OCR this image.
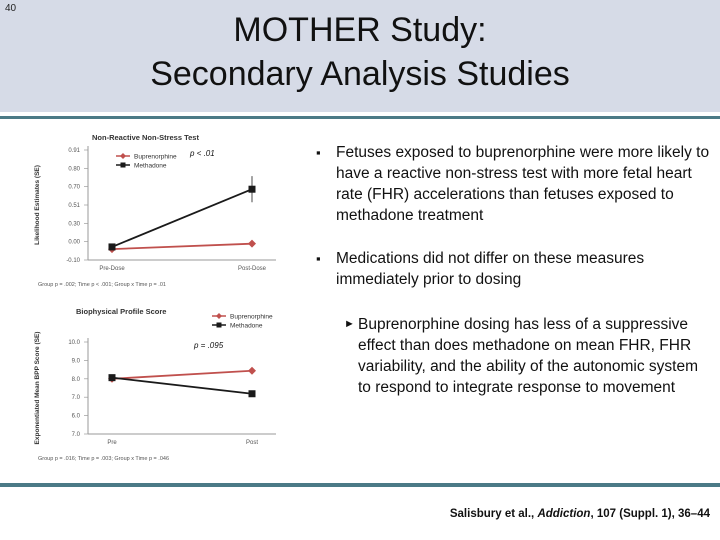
40
MOTHER Study:
Secondary Analysis Studies
Non-Reactive Non-Stress Test
Likelihood Estimates (SE)
0.91
0.80
0.70
0.51
0.30
0.00
-0.10
Pre-Dose	Post-Dose
Buprenorphine
Methadone
p < .01
Group p = .002; Time p < .001; Group x Time p = .01
Biophysical Profile Score
Exponentiated Mean BPP Score (SE)	10.0
9.0
8.0
7.0
6.0
7.0
Pre	Post
Buprenorphine
Methadone
p = .095
Group p = .016; Time p = .003; Group x Time p = .046

▪ Fetuses exposed to buprenorphine were more likely to have a reactive non-stress test with more fetal heart rate (FHR) accelerations than fetuses exposed to methadone treatment

▪ Medications did not differ on these measures immediately prior to dosing

► Buprenorphine dosing has less of a suppressive effect than does methadone on mean FHR, FHR variability, and the ability of the autonomic system to respond to integrate response to movement
Salisbury et al., Addiction, 107 (Suppl. 1), 36–44
